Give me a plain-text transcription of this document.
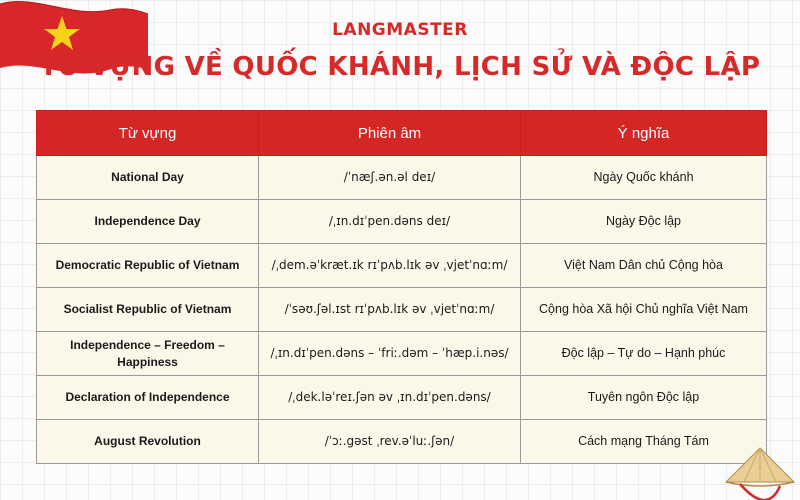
LANGMASTER
TỪ VỰNG VỀ QUỐC KHÁNH, LỊCH SỬ VÀ ĐỘC LẬP
Từ vựng	Phiên âm	Ý nghĩa
National Day	/ˈnæʃ.ən.əl deɪ/	Ngày Quốc khánh
Independence Day	/ˌɪn.dɪˈpen.dəns deɪ/	Ngày Độc lập
Democratic Republic of Vietnam	/ˌdem.əˈkræt.ɪk rɪˈpʌb.lɪk əv ˌvjetˈnɑːm/	Việt Nam Dân chủ Cộng hòa
Socialist Republic of Vietnam	/ˈsəʊ.ʃəl.ɪst rɪˈpʌb.lɪk əv ˌvjetˈnɑːm/	Cộng hòa Xã hội Chủ nghĩa Việt Nam
Independence – Freedom – Happiness	/ˌɪn.dɪˈpen.dəns – ˈfriː.dəm – ˈhæp.i.nəs/	Độc lập – Tự do – Hạnh phúc
Declaration of Independence	/ˌdek.ləˈreɪ.ʃən əv ˌɪn.dɪˈpen.dəns/	Tuyên ngôn Độc lập
August Revolution	/ˈɔː.gəst ˌrev.əˈluː.ʃən/	Cách mạng Tháng Tám
